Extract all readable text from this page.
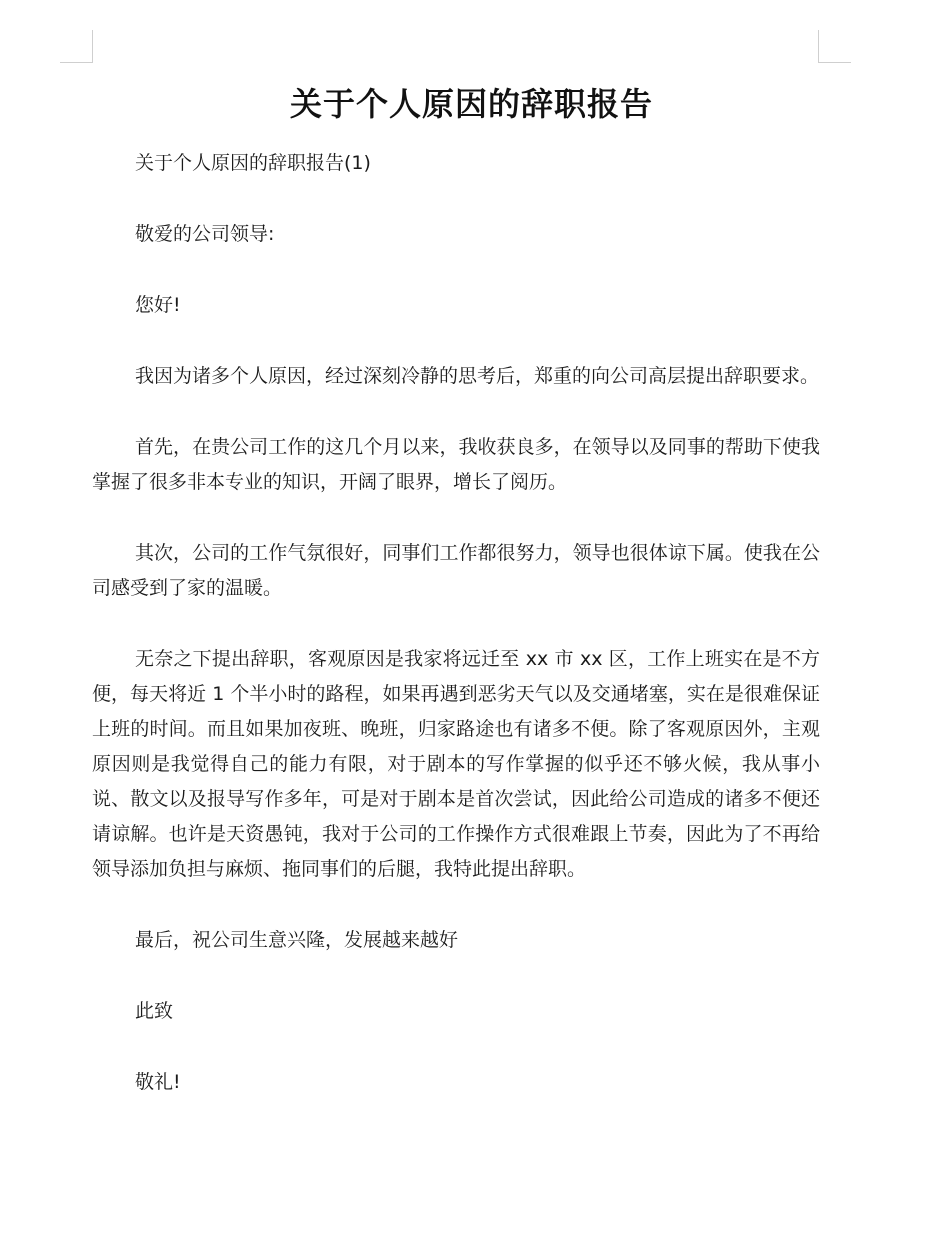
关于个人原因的辞职报告

关于个人原因的辞职报告(1)

敬爱的公司领导:

您好!

我因为诸多个人原因，经过深刻冷静的思考后，郑重的向公司高层提出辞职要求。

首先，在贵公司工作的这几个月以来，我收获良多，在领导以及同事的帮助下使我掌握了很多非本专业的知识，开阔了眼界，增长了阅历。

其次，公司的工作气氛很好，同事们工作都很努力，领导也很体谅下属。使我在公司感受到了家的温暖。

无奈之下提出辞职，客观原因是我家将远迁至 xx 市 xx 区，工作上班实在是不方便，每天将近 1 个半小时的路程，如果再遇到恶劣天气以及交通堵塞，实在是很难保证上班的时间。而且如果加夜班、晚班，归家路途也有诸多不便。除了客观原因外，主观原因则是我觉得自己的能力有限，对于剧本的写作掌握的似乎还不够火候，我从事小说、散文以及报导写作多年，可是对于剧本是首次尝试，因此给公司造成的诸多不便还请谅解。也许是天资愚钝，我对于公司的工作操作方式很难跟上节奏，因此为了不再给领导添加负担与麻烦、拖同事们的后腿，我特此提出辞职。

最后，祝公司生意兴隆，发展越来越好

此致

敬礼!
